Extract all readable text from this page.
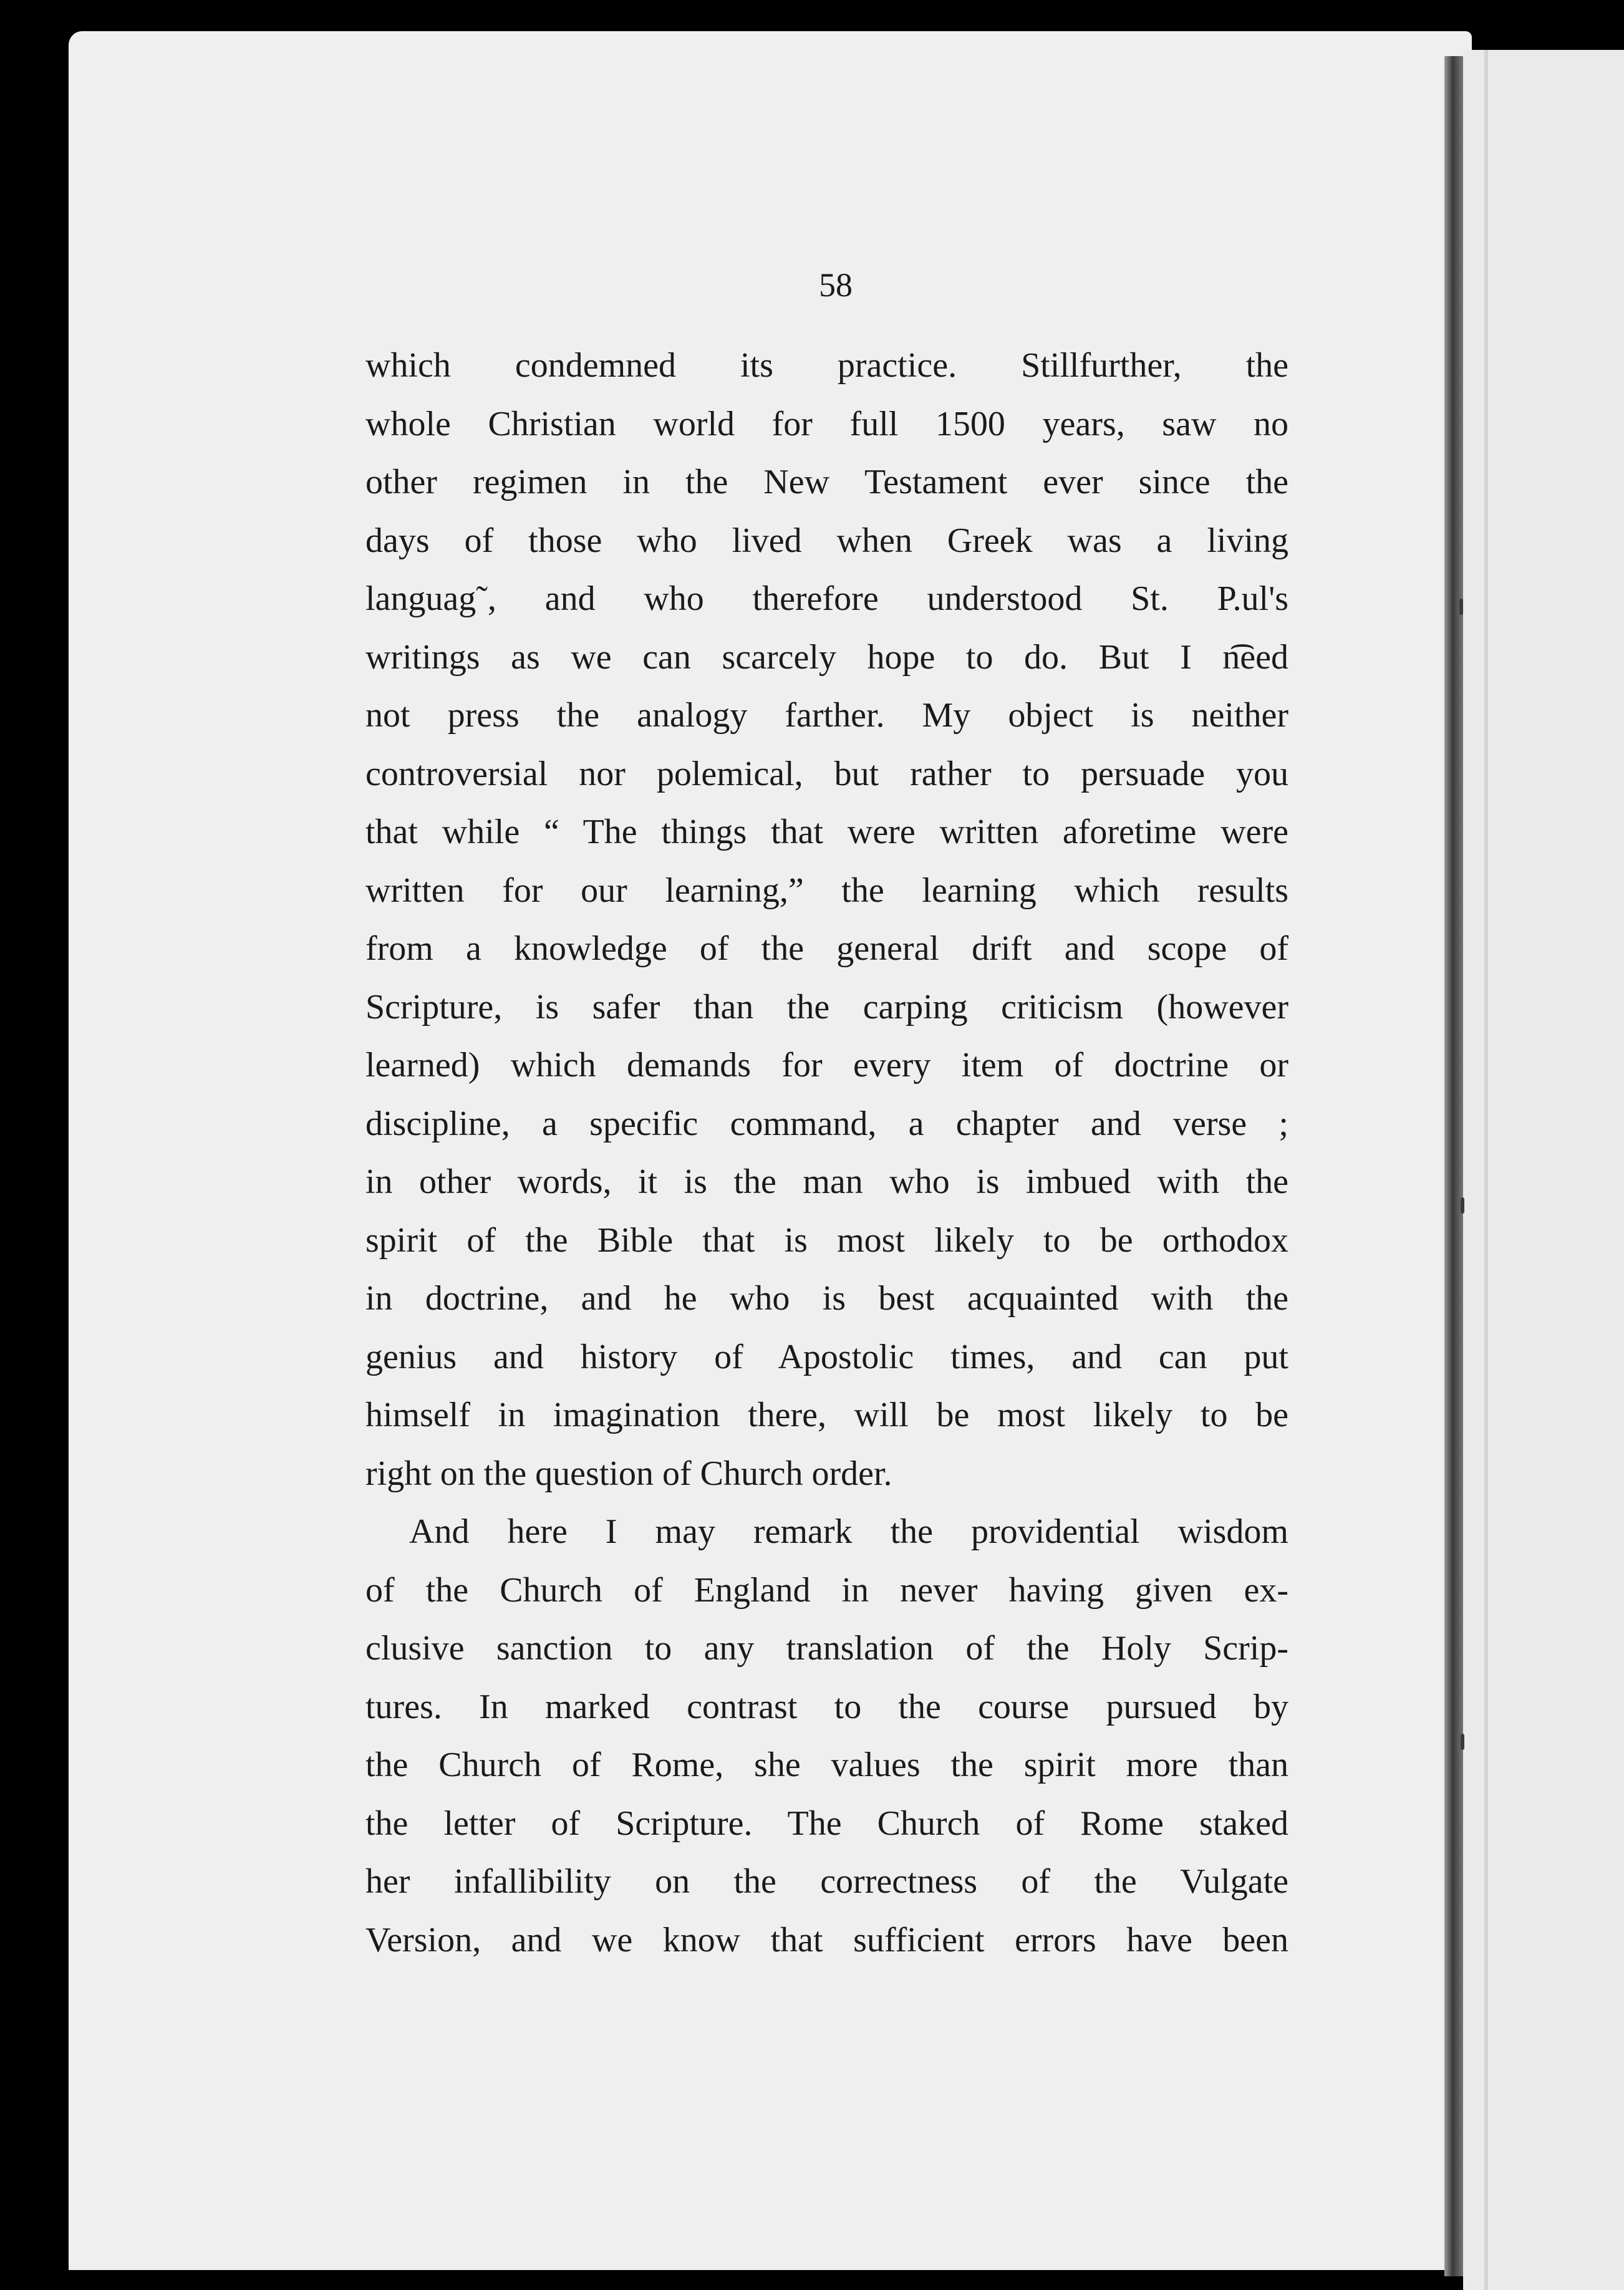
58
which condemned its practice. Stillfurther, the
whole Christian world for full 1500 years, saw no
other regimen in the New Testament ever since the
days of those who lived when Greek was a living
languag˜, and who therefore understood St. P.ul's
writings as we can scarcely hope to do. But I n͡eed
not press the analogy farther. My object is neither
controversial nor polemical, but rather to persuade you
that while “ The things that were written aforetime were
written for our learning,” the learning which results
from a knowledge of the general drift and scope of
Scripture, is safer than the carping criticism (however
learned) which demands for every item of doctrine or
discipline, a specific command, a chapter and verse ;
in other words, it is the man who is imbued with the
spirit of the Bible that is most likely to be orthodox
in doctrine, and he who is best acquainted with the
genius and history of Apostolic times, and can put
himself in imagination there, will be most likely to be
right on the question of Church order.
And here I may remark the providential wisdom
of the Church of England in never having given ex-
clusive sanction to any translation of the Holy Scrip-
tures. In marked contrast to the course pursued by
the Church of Rome, she values the spirit more than
the letter of Scripture. The Church of Rome staked
her infallibility on the correctness of the Vulgate
Version, and we know that sufficient errors have been
